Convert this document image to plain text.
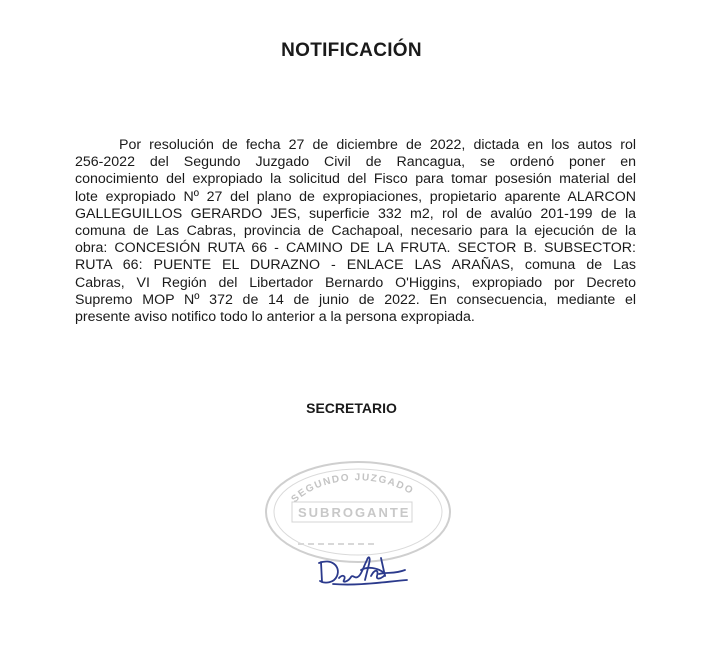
NOTIFICACIÓN

Por resolución de fecha 27 de diciembre de 2022, dictada en los autos rol
256-2022 del Segundo Juzgado Civil de Rancagua, se ordenó poner en
conocimiento del expropiado la solicitud del Fisco para tomar posesión material del
lote expropiado Nº 27 del plano de expropiaciones, propietario aparente ALARCON
GALLEGUILLOS GERARDO JES, superficie 332 m2, rol de avalúo 201-199 de la
comuna de Las Cabras, provincia de Cachapoal, necesario para la ejecución de la
obra: CONCESIÓN RUTA 66 - CAMINO DE LA FRUTA. SECTOR B. SUBSECTOR:
RUTA 66: PUENTE EL DURAZNO - ENLACE LAS ARAÑAS, comuna de Las
Cabras, VI Región del Libertador Bernardo O'Higgins, expropiado por Decreto
Supremo MOP Nº 372 de 14 de junio de 2022. En consecuencia, mediante el
presente aviso notifico todo lo anterior a la persona expropiada.

SECRETARIO
SEGUNDO JUZGADO
SUBROGANTE
